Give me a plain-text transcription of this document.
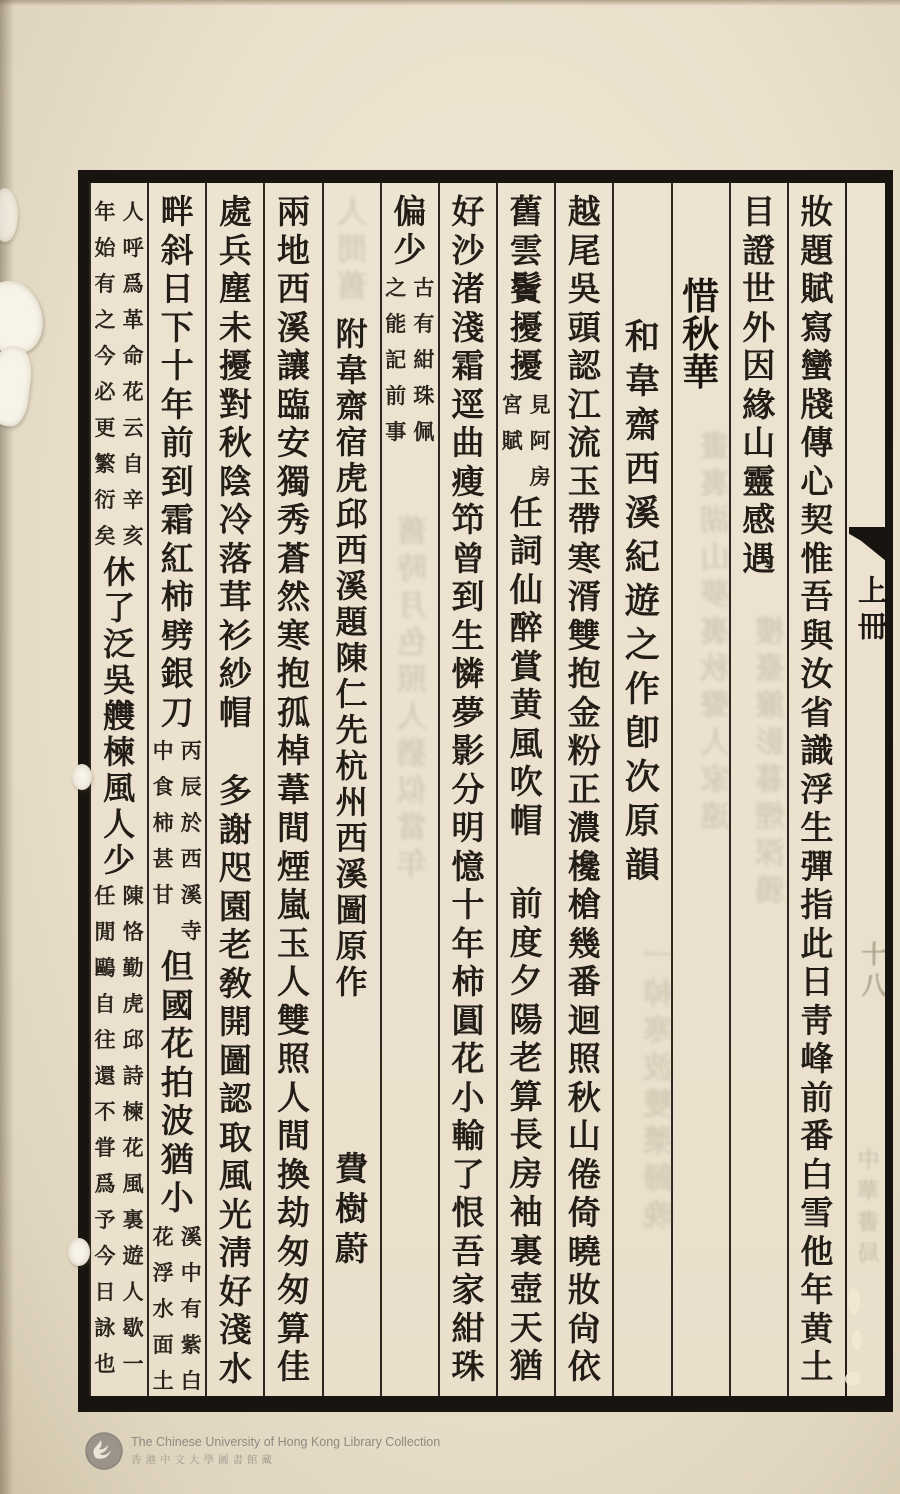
妝
題
賦
寫
蠻
牋
傳
心
契
惟
吾
與
汝
省
識
浮
生
彈
指
此
日
靑
峰
前
番
白
雪
他
年
黄
土
目
證
世
外
因
緣
山
靈
感
遇
惜
秋
華
和
韋
齋
西
溪
紀
遊
之
作
卽
次
原
韻
越
尾
吳
頭
認
江
流
玉
帶
寒
湑
雙
抱
金
粉
正
濃
欃
槍
幾
番
迴
照
秋
山
倦
倚
曉
妝
尙
依
舊
雲
鬢
擾
擾
見
阿
房
宮
賦
任
詞
仙
醉
賞
黄
風
吹
帽
前
度
夕
陽
老
算
長
房
袖
裏
壺
天
猶
好
沙
渚
淺
霜
逕
曲
瘦
笻
曾
到
生
憐
夢
影
分
明
憶
十
年
柿
圓
花
小
輸
了
恨
吾
家
紺
珠
偏
少
古
有
紺
珠
佩
之
能
記
前
事
附
韋
齋
宿
虎
邱
西
溪
題
陳
仁
先
杭
州
西
溪
圖
原
作
費
樹
蔚
兩
地
西
溪
讓
臨
安
獨
秀
蒼
然
寒
抱
孤
棹
葦
間
煙
嵐
玉
人
雙
照
人
間
換
劫
匆
匆
算
佳
處
兵
塵
未
擾
對
秋
陰
冷
落
茸
衫
紗
帽
多
謝
咫
園
老
敎
開
圖
認
取
風
光
淸
好
淺
水
畔
斜
日
下
十
年
前
到
霜
紅
柿
劈
銀
刀
丙
辰
於
西
溪
寺
中
食
柿
甚
甘
但
國
花
拍
波
猶
小
溪
中
有
紫
白
花
浮
水
面
土
人
呼
爲
革
命
花
云
自
辛
亥
年
始
有
之
今
必
更
繁
衍
矣
休
了
泛
吳
艭
楝
風
人
少
陳
恪
勤
虎
邱
詩
楝
花
風
裏
遊
人
歇
一
任
閒
鷗
自
往
還
不
甞
爲
予
今
日
詠
也
樓臺簾影暮煙深鴉
畫裏湖山夢裏秋聲人家遠
一棹寒波雙槳歸晚
舊時月色照人猶似當年
人間舊
上冊
十八
中華書局
The Chinese University of Hong Kong Library Collection
香港中文大學圖書館藏
